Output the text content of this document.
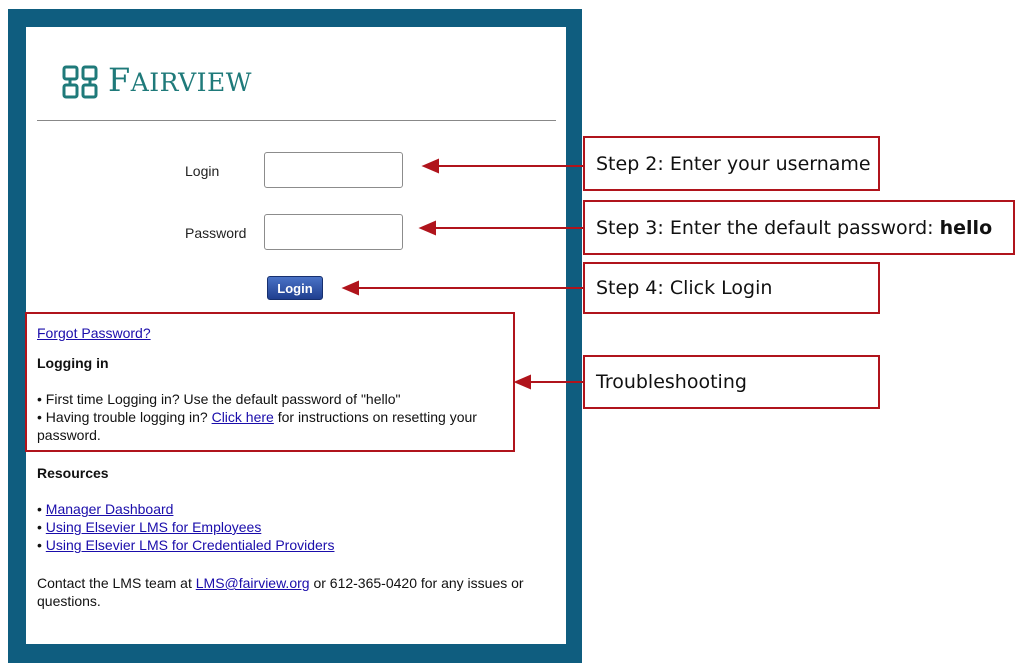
FAIRVIEW
Login
Password
Login
Forgot Password?
Logging in
• First time Logging in? Use the default password of "hello"
• Having trouble logging in? Click here for instructions on resetting your password.
Resources
• Manager Dashboard
• Using Elsevier LMS for Employees
• Using Elsevier LMS for Credentialed Providers
Contact the LMS team at LMS@fairview.org or 612-365-0420 for any issues or questions.
Step 2: Enter your username
Step 3: Enter the default password: hello
Step 4: Click Login
Troubleshooting
